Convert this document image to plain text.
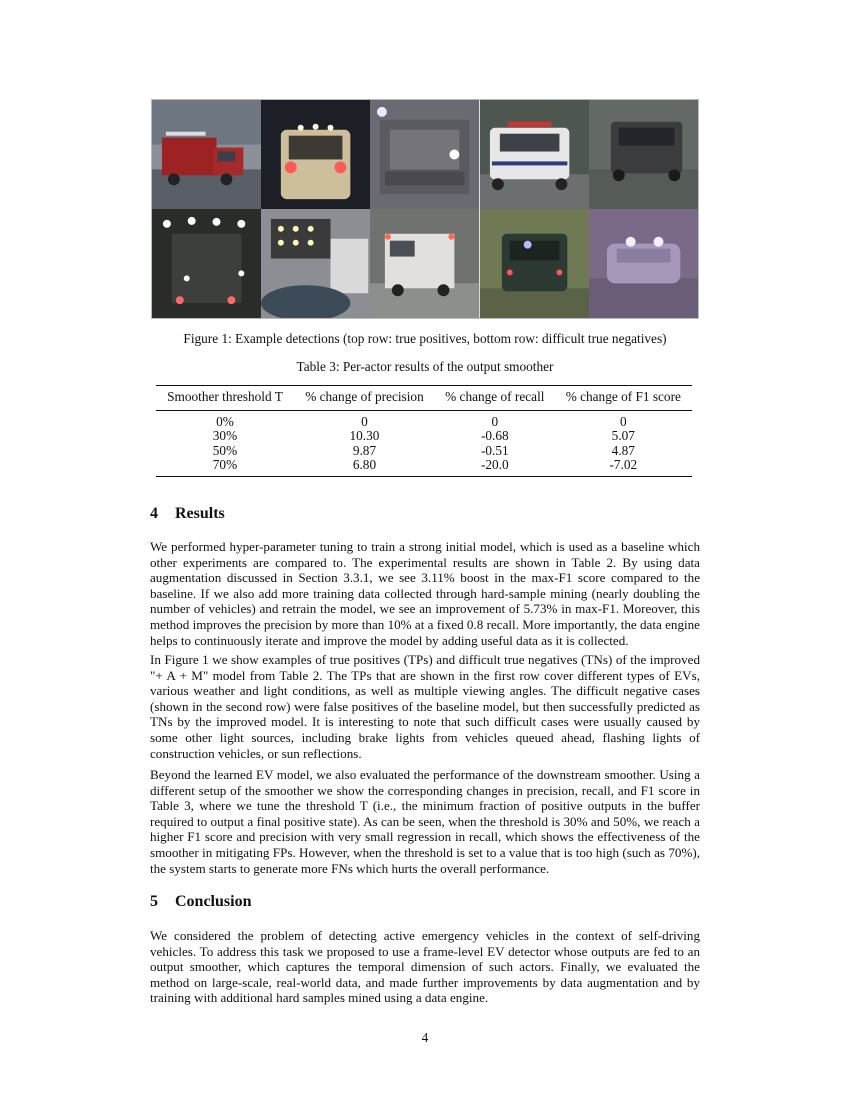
Figure 1: Example detections (top row: true positives, bottom row: difficult true negatives)
Table 3: Per-actor results of the output smoother
Smoother threshold T	% change of precision	% change of recall	% change of F1 score
0%	0	0	0
30%	10.30	-0.68	5.07
50%	9.87	-0.51	4.87
70%	6.80	-20.0	-7.02
4 Results

We performed hyper-parameter tuning to train a strong initial model, which is used as a baseline which other experiments are compared to. The experimental results are shown in Table 2. By using data augmentation discussed in Section 3.3.1, we see 3.11% boost in the max-F1 score compared to the baseline. If we also add more training data collected through hard-sample mining (nearly doubling the number of vehicles) and retrain the model, we see an improvement of 5.73% in max-F1. Moreover, this method improves the precision by more than 10% at a fixed 0.8 recall. More importantly, the data engine helps to continuously iterate and improve the model by adding useful data as it is collected.

In Figure 1 we show examples of true positives (TPs) and difficult true negatives (TNs) of the improved "+ A + M" model from Table 2. The TPs that are shown in the first row cover different types of EVs, various weather and light conditions, as well as multiple viewing angles. The difficult negative cases (shown in the second row) were false positives of the baseline model, but then successfully predicted as TNs by the improved model. It is interesting to note that such difficult cases were usually caused by some other light sources, including brake lights from vehicles queued ahead, flashing lights of construction vehicles, or sun reflections.

Beyond the learned EV model, we also evaluated the performance of the downstream smoother. Using a different setup of the smoother we show the corresponding changes in precision, recall, and F1 score in Table 3, where we tune the threshold T (i.e., the minimum fraction of positive outputs in the buffer required to output a final positive state). As can be seen, when the threshold is 30% and 50%, we reach a higher F1 score and precision with very small regression in recall, which shows the effectiveness of the smoother in mitigating FPs. However, when the threshold is set to a value that is too high (such as 70%), the system starts to generate more FNs which hurts the overall performance.

5 Conclusion

We considered the problem of detecting active emergency vehicles in the context of self-driving vehicles. To address this task we proposed to use a frame-level EV detector whose outputs are fed to an output smoother, which captures the temporal dimension of such actors. Finally, we evaluated the method on large-scale, real-world data, and made further improvements by data augmentation and by training with additional hard samples mined using a data engine.

4
